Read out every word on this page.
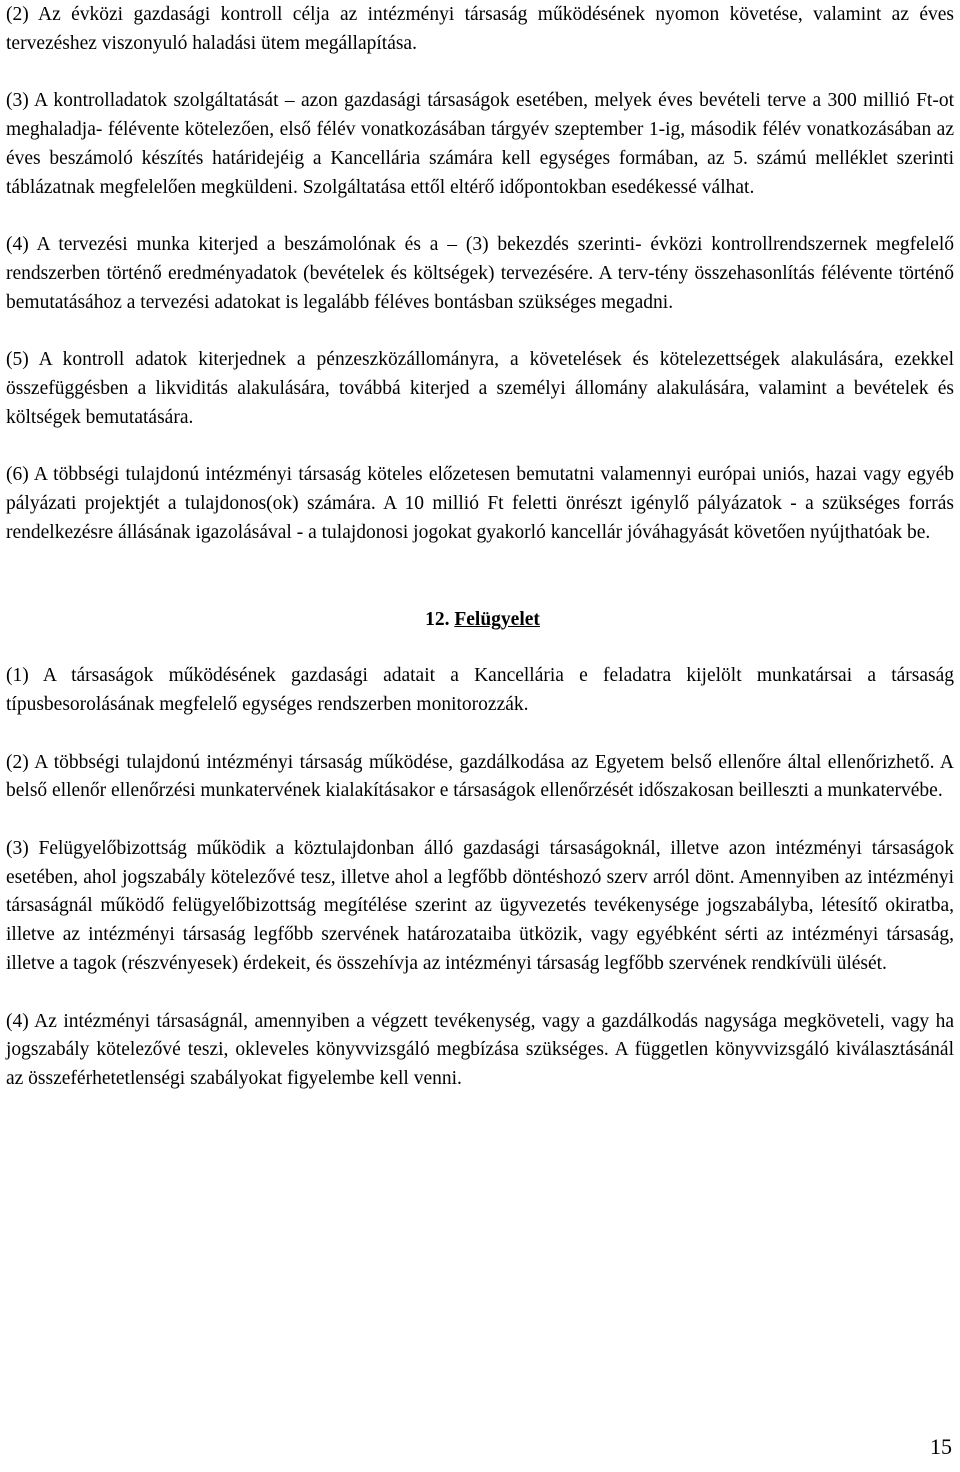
(2) Az évközi gazdasági kontroll célja az intézményi társaság működésének nyomon követése, valamint az éves tervezéshez viszonyuló haladási ütem megállapítása.

(3) A kontrolladatok szolgáltatását – azon gazdasági társaságok esetében, melyek éves bevételi terve a 300 millió Ft-ot meghaladja- félévente kötelezően, első félév vonatkozásában tárgyév szeptember 1-ig, második félév vonatkozásában az éves beszámoló készítés határidejéig a Kancellária számára kell egységes formában, az 5. számú melléklet szerinti táblázatnak megfelelően megküldeni. Szolgáltatása ettől eltérő időpontokban esedékessé válhat.

(4) A tervezési munka kiterjed a beszámolónak és a – (3) bekezdés szerinti- évközi kontrollrendszernek megfelelő rendszerben történő eredményadatok (bevételek és költségek) tervezésére. A terv-tény összehasonlítás félévente történő bemutatásához a tervezési adatokat is legalább féléves bontásban szükséges megadni.

(5) A kontroll adatok kiterjednek a pénzeszközállományra, a követelések és kötelezettségek alakulására, ezekkel összefüggésben a likviditás alakulására, továbbá kiterjed a személyi állomány alakulására, valamint a bevételek és költségek bemutatására.

(6) A többségi tulajdonú intézményi társaság köteles előzetesen bemutatni valamennyi európai uniós, hazai vagy egyéb pályázati projektjét a tulajdonos(ok) számára. A 10 millió Ft feletti önrészt igénylő pályázatok - a szükséges forrás rendelkezésre állásának igazolásával - a tulajdonosi jogokat gyakorló kancellár jóváhagyását követően nyújthatóak be.

12. Felügyelet

(1) A társaságok működésének gazdasági adatait a Kancellária e feladatra kijelölt munkatársai a társaság típusbesorolásának megfelelő egységes rendszerben monitorozzák.

(2) A többségi tulajdonú intézményi társaság működése, gazdálkodása az Egyetem belső ellenőre által ellenőrizhető. A belső ellenőr ellenőrzési munkatervének kialakításakor e társaságok ellenőrzését időszakosan beilleszti a munkatervébe.

(3) Felügyelőbizottság működik a köztulajdonban álló gazdasági társaságoknál, illetve azon intézményi társaságok esetében, ahol jogszabály kötelezővé tesz, illetve ahol a legfőbb döntéshozó szerv arról dönt. Amennyiben az intézményi társaságnál működő felügyelőbizottság megítélése szerint az ügyvezetés tevékenysége jogszabályba, létesítő okiratba, illetve az intézményi társaság legfőbb szervének határozataiba ütközik, vagy egyébként sérti az intézményi társaság, illetve a tagok (részvényesek) érdekeit, és összehívja az intézményi társaság legfőbb szervének rendkívüli ülését.

(4) Az intézményi társaságnál, amennyiben a végzett tevékenység, vagy a gazdálkodás nagysága megköveteli, vagy ha jogszabály kötelezővé teszi, okleveles könyvvizsgáló megbízása szükséges. A független könyvvizsgáló kiválasztásánál az összeférhetetlenségi szabályokat figyelembe kell venni.

15
